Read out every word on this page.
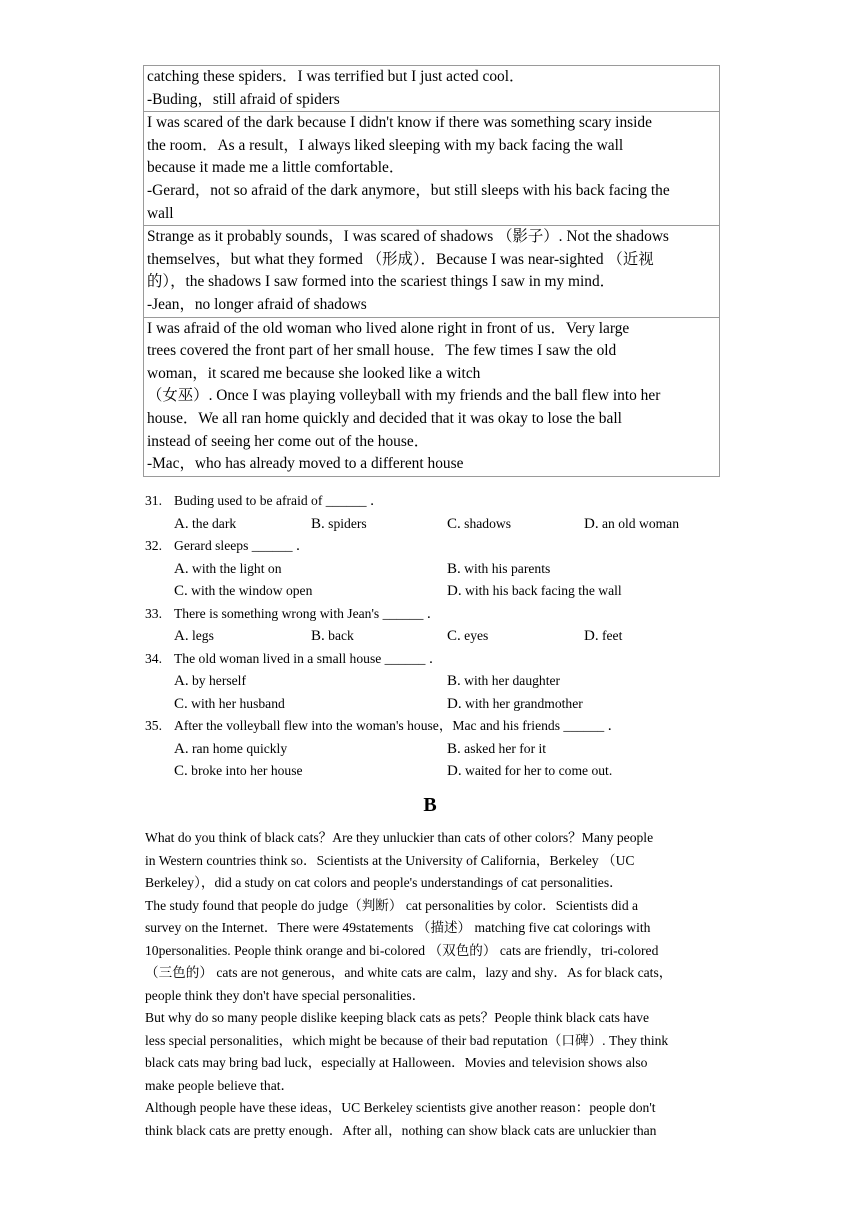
catching these spiders．I was terrified but I just acted cool．
-Buding，still afraid of spiders
I was scared of the dark because I didn't know if there was something scary inside
the room．As a result，I always liked sleeping with my back facing the wall
because it made me a little comfortable．
-Gerard，not so afraid of the dark anymore，but still sleeps with his back facing the
wall
Strange as it probably sounds，I was scared of shadows （影子）. Not the shadows
themselves，but what they formed （形成）．Because I was near-sighted （近视
的），the shadows I saw formed into the scariest things I saw in my mind．
-Jean，no longer afraid of shadows
I was afraid of the old woman who lived alone right in front of us．Very large
trees covered the front part of her small house．The few times I saw the old
woman，it scared me because she looked like a witch
（女巫）. Once I was playing volleyball with my friends and the ball flew into her
house．We all ran home quickly and decided that it was okay to lose the ball
instead of seeing her come out of the house．
-Mac，who has already moved to a different house
31. Buding used to be afraid of ______ ．
A. the dark	B. spiders	C. shadows	D. an old woman
32. Gerard sleeps ______ ．
A. with the light on	B. with his parents
C. with the window open	D. with his back facing the wall
33. There is something wrong with Jean's ______ ．
A. legs	B. back	C. eyes	D. feet
34. The old woman lived in a small house ______ ．
A. by herself	B. with her daughter
C. with her husband	D. with her grandmother
35. After the volleyball flew into the woman's house，Mac and his friends ______ ．
A. ran home quickly	B. asked her for it
C. broke into her house	D. waited for her to come out.
B
What do you think of black cats？Are they unluckier than cats of other colors？Many people
in Western countries think so．Scientists at the University of California，Berkeley （UC
Berkeley），did a study on cat colors and people's understandings of cat personalities．
The study found that people do judge（判断） cat personalities by color．Scientists did a
survey on the Internet．There were 49statements （描述） matching five cat colorings with
10personalities. People think orange and bi-colored （双色的） cats are friendly，tri-colored
（三色的） cats are not generous，and white cats are calm，lazy and shy．As for black cats，
people think they don't have special personalities．
But why do so many people dislike keeping black cats as pets？People think black cats have
less special personalities，which might be because of their bad reputation（口碑）. They think
black cats may bring bad luck，especially at Halloween．Movies and television shows also
make people believe that．
Although people have these ideas，UC Berkeley scientists give another reason：people don't
think black cats are pretty enough．After all，nothing can show black cats are unluckier than
